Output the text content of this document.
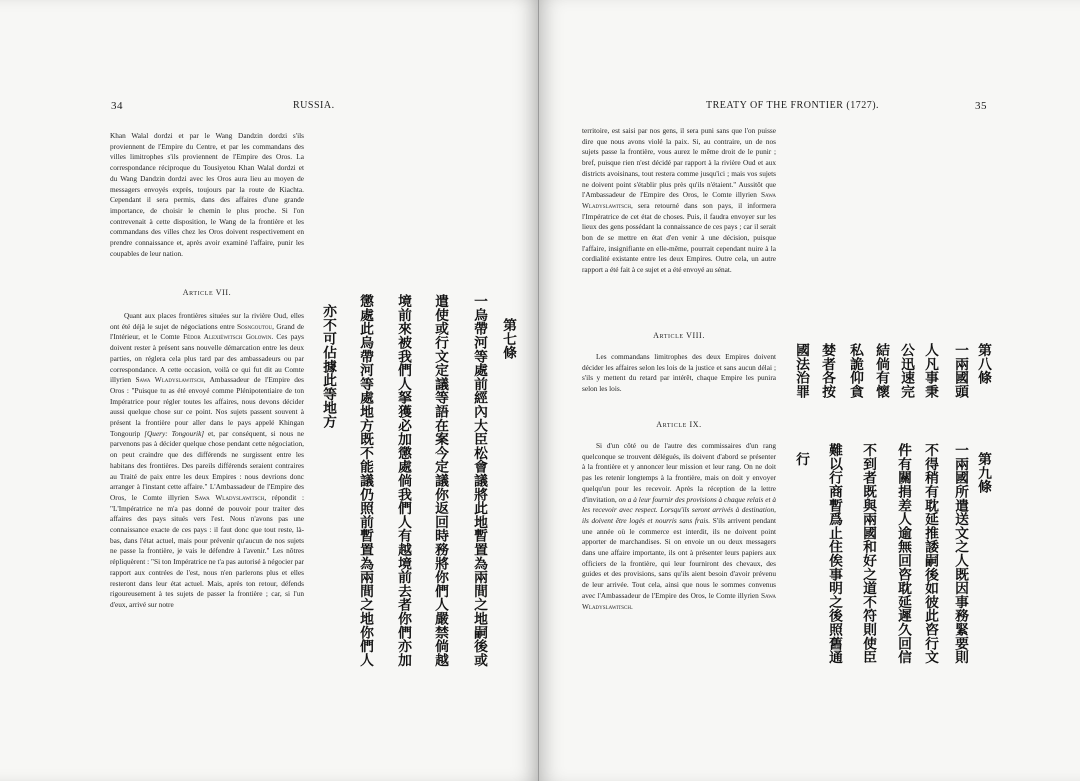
34	RUSSIA.

Khan Walal dordzi et par le Wang Dandzin dordzi s'ils proviennent de l'Empire du Centre, et par les commandans des villes limitrophes s'ils proviennent de l'Empire des Oros. La correspondance réciproque du Tousiyetou Khan Walal dordzi et du Wang Dandzin dordzi avec les Oros aura lieu au moyen de messagers envoyés exprès, toujours par la route de Kiachta. Cependant il sera permis, dans des affaires d'une grande importance, de choisir le chemin le plus proche. Si l'on contrevenait à cette disposition, le Wang de la frontière et les commandans des villes chez les Oros doivent respectivement en prendre connaissance et, après avoir examiné l'affaire, punir les coupables de leur nation.

Article VII.

Quant aux places frontières situées sur la rivière Oud, elles ont été déjà le sujet de négociations entre Sosngoutou, Grand de l'Intérieur, et le Comte Fédor Alexiéwitsch Golowin. Ces pays doivent rester à présent sans nouvelle démarcation entre les deux parties, on réglera cela plus tard par des ambassadeurs ou par correspondance. A cette occasion, voilà ce qui fut dit au Comte illyrien Sawa Wladyslawitsch, Ambassadeur de l'Empire des Oros : "Puisque tu as été envoyé comme Plénipotentiaire de ton Impératrice pour régler toutes les affaires, nous devons décider aussi quelque chose sur ce point. Nos sujets passent souvent à présent la frontière pour aller dans le pays appelé Khingan Tongourip [Query: Tongourik] et, par conséquent, si nous ne parvenons pas à décider quelque chose pendant cette négociation, on peut craindre que des différends ne surgissent entre les habitans des frontières. Des pareils différends seraient contraires au Traité de paix entre les deux Empires : nous devrions donc arranger à l'instant cette affaire." L'Ambassadeur de l'Empire des Oros, le Comte illyrien Sawa Wladyslawitsch, répondit : "L'Impératrice ne m'a pas donné de pouvoir pour traiter des affaires des pays situés vers l'est. Nous n'avons pas une connaissance exacte de ces pays : il faut donc que tout reste, là-bas, dans l'état actuel, mais pour prévenir qu'aucun de nos sujets ne passe la frontière, je vais le défendre à l'avenir." Les nôtres répliquèrent : "Si ton Impératrice ne t'a pas autorisé à négocier par rapport aux contrées de l'est, nous n'en parlerons plus et elles resteront dans leur état actuel. Mais, après ton retour, défends rigoureusement à tes sujets de passer la frontière ; car, si l'un d'eux, arrivé sur notre

第七條
一烏帶河等處前經內大臣松會議將此地暫置為兩間之地嗣後或
遣使或行文定議等語在案今定議你返回時務將你們人嚴禁倘越
境前來被我們人拏獲必加懲處倘我們人有越境前去者你們亦加
懲處此烏帶河等處地方既不能議仍照前暫置為兩間之地你們人
亦不可佔據此等地方
TREATY OF THE FRONTIER (1727).	35

territoire, est saisi par nos gens, il sera puni sans que l'on puisse dire que nous avons violé la paix. Si, au contraire, un de nos sujets passe la frontière, vous aurez le même droit de le punir ; bref, puisque rien n'est décidé par rapport à la rivière Oud et aux districts avoisinans, tout restera comme jusqu'ici ; mais vos sujets ne doivent point s'établir plus près qu'ils n'étaient." Aussitôt que l'Ambassadeur de l'Empire des Oros, le Comte illyrien Sawa Wladyslawitsch, sera retourné dans son pays, il informera l'Impératrice de cet état de choses. Puis, il faudra envoyer sur les lieux des gens possédant la connaissance de ces pays ; car il serait bon de se mettre en état d'en venir à une décision, puisque l'affaire, insignifiante en elle-même, pourrait cependant nuire à la cordialité existante entre les deux Empires. Outre cela, un autre rapport a été fait à ce sujet et a été envoyé au sénat.

Article VIII.

Les commandans limitrophes des deux Empires doivent décider les affaires selon les lois de la justice et sans aucun délai ; s'ils y mettent du retard par intérêt, chaque Empire les punira selon les lois.

Article IX.

Si d'un côté ou de l'autre des commissaires d'un rang quelconque se trouvent délégués, ils doivent d'abord se présenter à la frontière et y annoncer leur mission et leur rang. On ne doit pas les retenir longtemps à la frontière, mais on doit y envoyer quelqu'un pour les recevoir. Après la réception de la lettre d'invitation, on a à leur fournir des provisions à chaque relais et à les recevoir avec respect. Lorsqu'ils seront arrivés à destination, ils doivent être logés et nourris sans frais. S'ils arrivent pendant une année où le commerce est interdit, ils ne doivent point apporter de marchandises. Si on envoie un ou deux messagers dans une affaire importante, ils ont à présenter leurs papiers aux officiers de la frontière, qui leur fourniront des chevaux, des guides et des provisions, sans qu'ils aient besoin d'avoir prévenu de leur arrivée. Tout cela, ainsi que nous le sommes convenus avec l'Ambassadeur de l'Empire des Oros, le Comte illyrien Sawa Wladyslawitsch.

第八條
一兩國頭
人凡事秉
公迅速完
結倘有懷
私詭仰貪
婪者各按
國法治罪
第九條
一兩國所遣送文之人既因事務緊要則
不得稍有耽延推諉嗣後如彼此咨行文
件有關捐差人逾無回咨耽延遲久回信
不到者既與兩國和好之道不符則使臣
難以行商暫爲止住俟事明之後照舊通
行
